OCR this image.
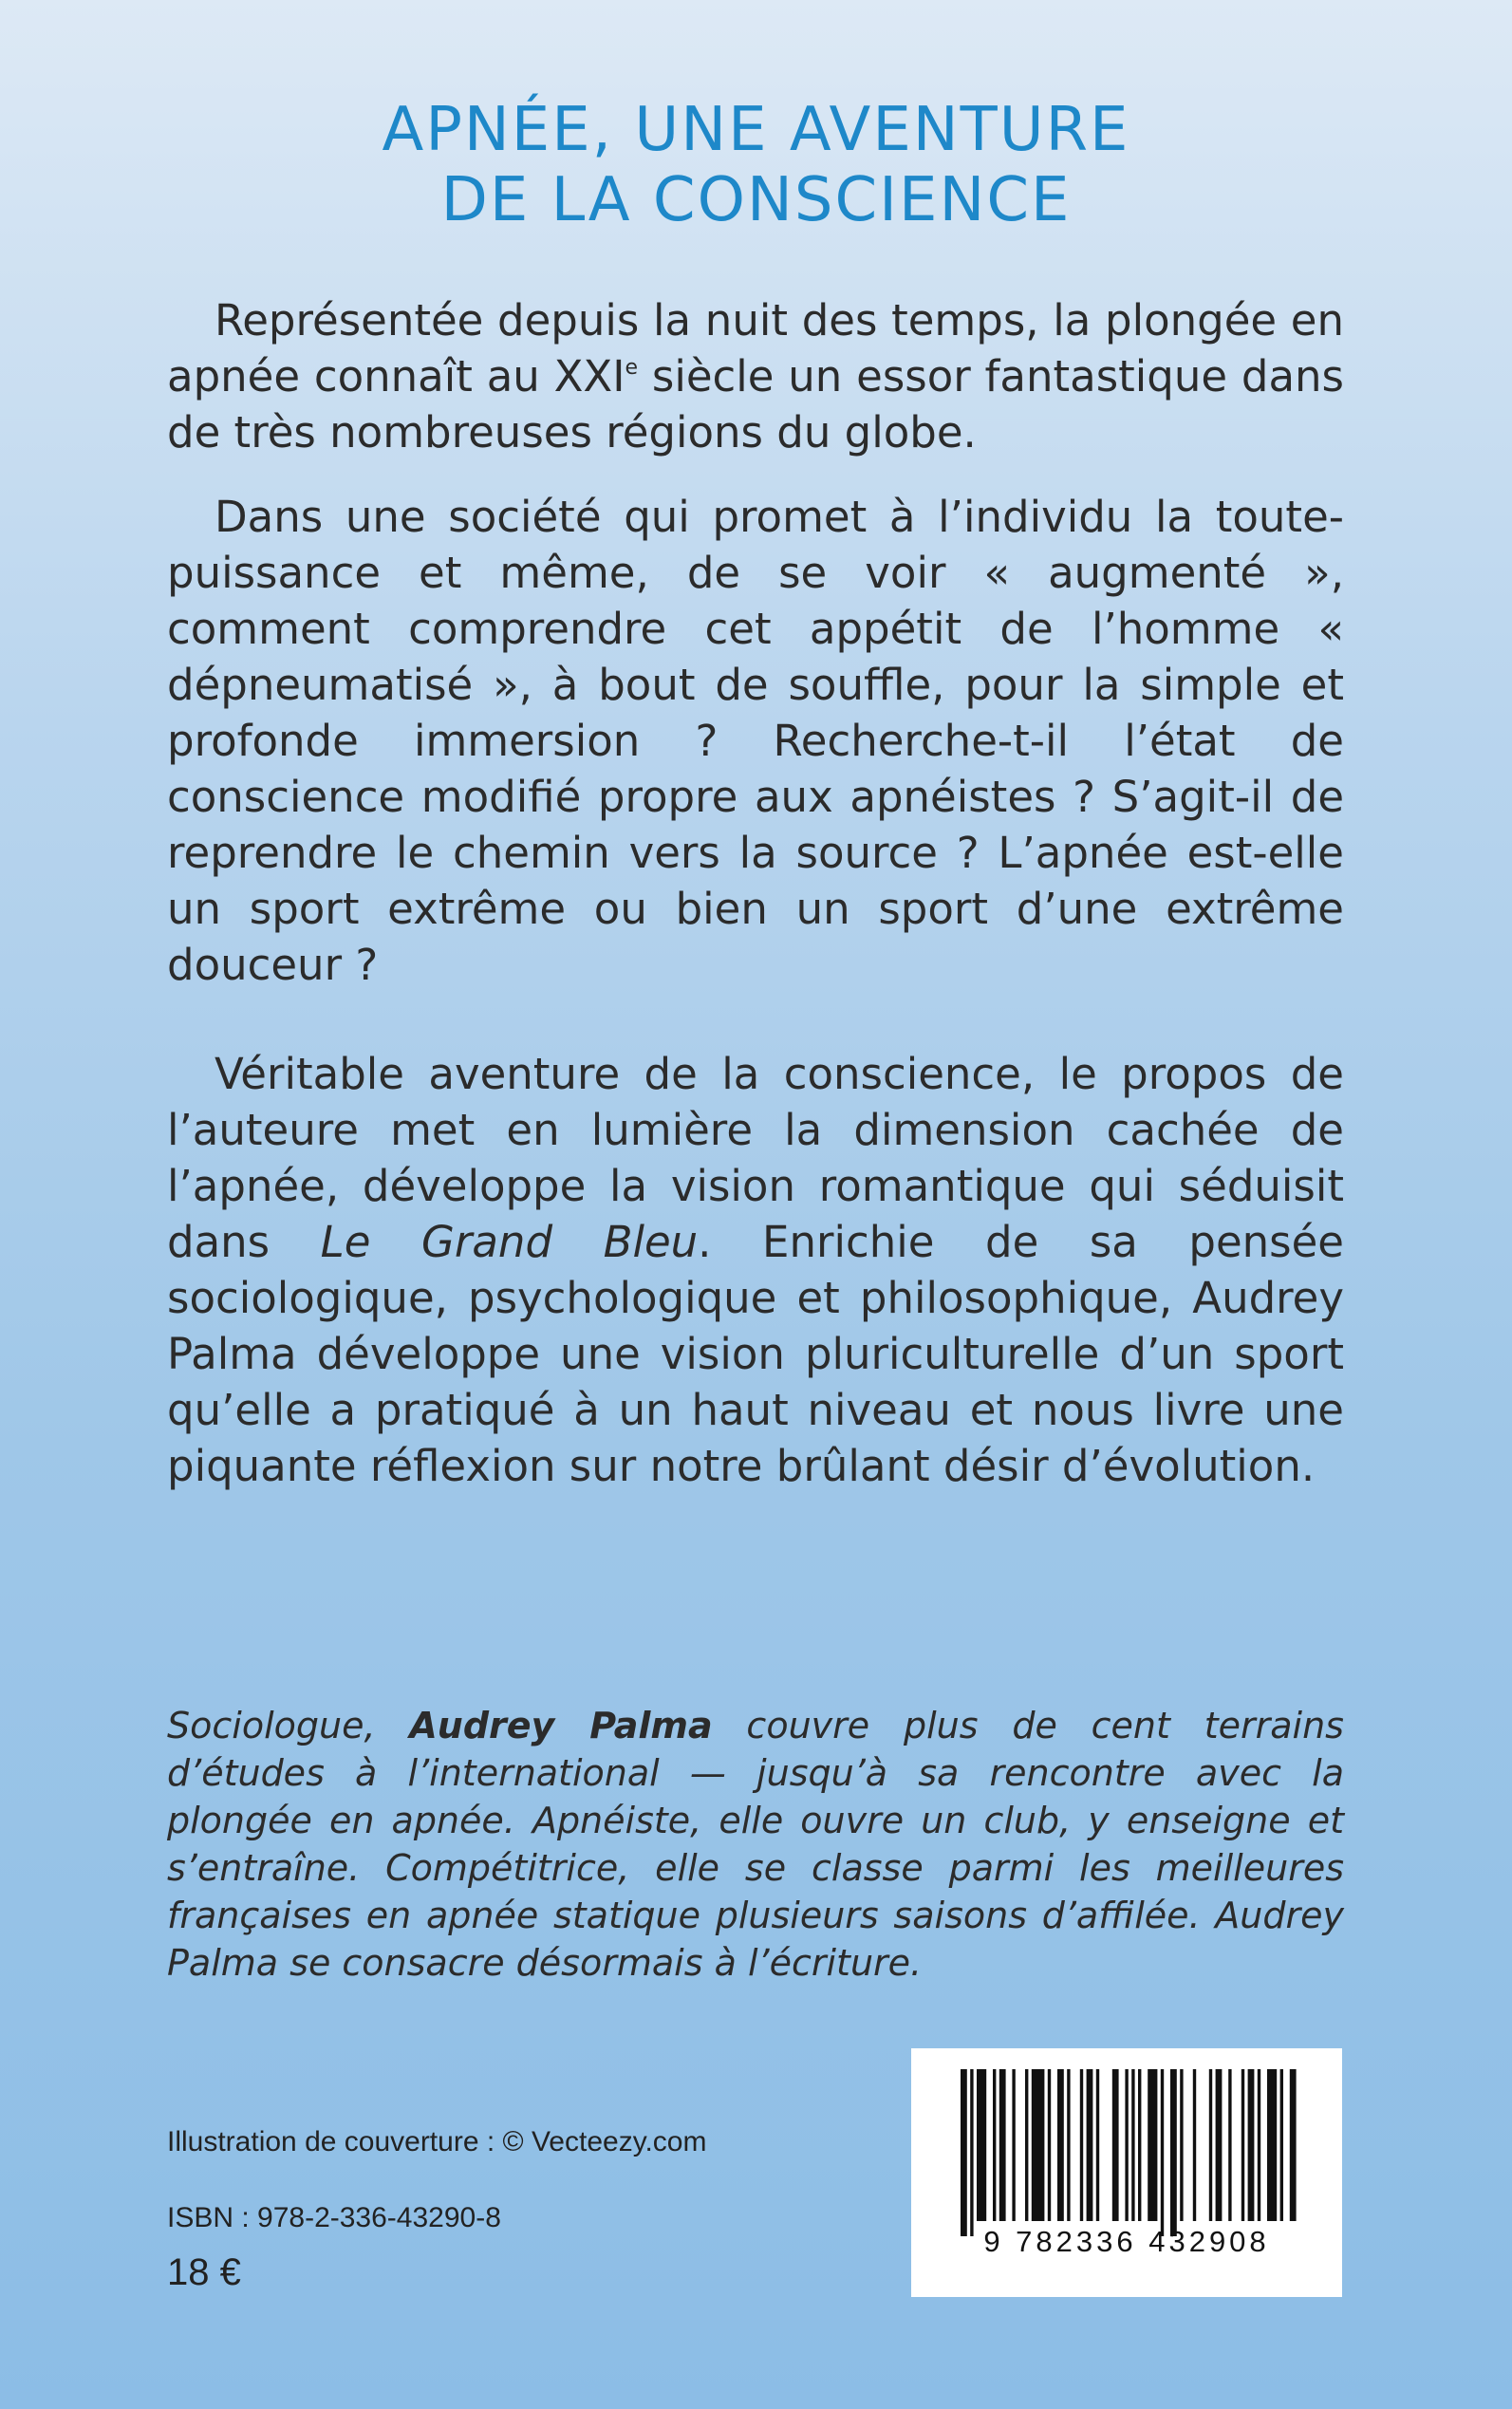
APNÉE, UNE AVENTURE
DE LA CONSCIENCE

Représentée depuis la nuit des temps, la plongée en apnée connaît au XXIe siècle un essor fantastique dans de très nombreuses régions du globe.

Dans une société qui promet à l’individu la toute-puissance et même, de se voir « augmenté », comment comprendre cet appétit de l’homme « dépneumatisé », à bout de souffle, pour la simple et profonde immersion ? Recherche-t-il l’état de conscience modifié propre aux apnéistes ? S’agit-il de reprendre le chemin vers la source ? L’apnée est-elle un sport extrême ou bien un sport d’une extrême douceur ?

Véritable aventure de la conscience, le propos de l’auteure met en lumière la dimension cachée de l’apnée, développe la vision romantique qui séduisit dans Le Grand Bleu. Enrichie de sa pensée sociologique, psychologique et philosophique, Audrey Palma développe une vision pluriculturelle d’un sport qu’elle a pratiqué à un haut niveau et nous livre une piquante réflexion sur notre brûlant désir d’évolution.

Sociologue, Audrey Palma couvre plus de cent terrains d’études à l’international — jusqu’à sa rencontre avec la plongée en apnée. Apnéiste, elle ouvre un club, y enseigne et s’entraîne. Compétitrice, elle se classe parmi les meilleures françaises en apnée statique plusieurs saisons d’affilée. Audrey Palma se consacre désormais à l’écriture.
Illustration de couverture : © Vecteezy.com
ISBN : 978-2-336-43290-8
18 €
9 782336 432908
